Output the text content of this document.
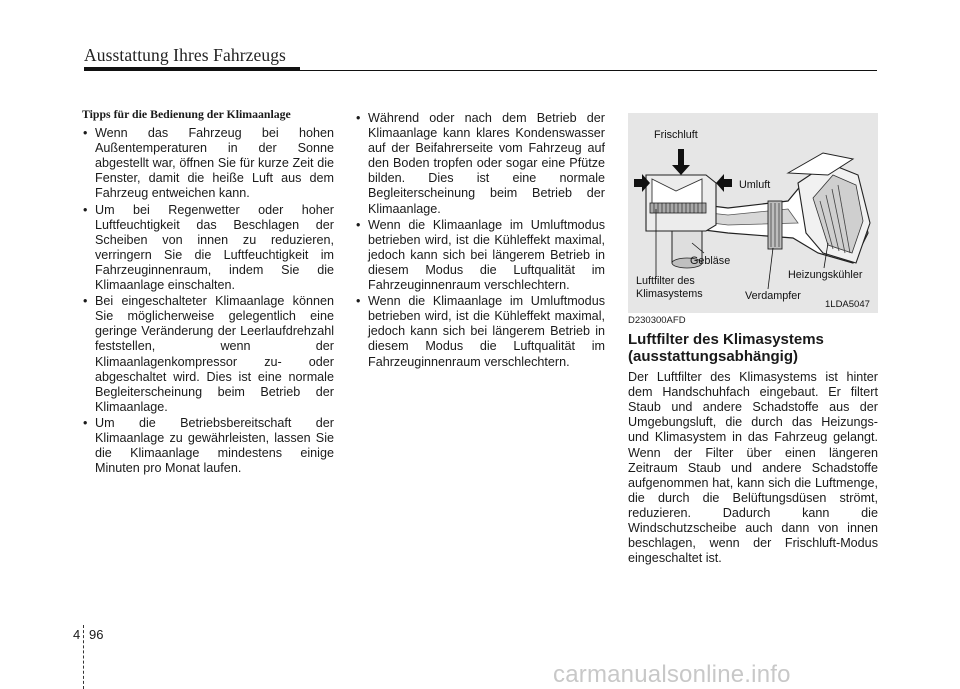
Ausstattung Ihres Fahrzeugs
Tipps für die Bedienung der Klimaanlage
• Wenn das Fahrzeug bei hohen Außentemperaturen in der Sonne abgestellt war, öffnen Sie für kurze Zeit die Fenster, damit die heiße Luft aus dem Fahrzeug entweichen kann.
• Um bei Regenwetter oder hoher Luftfeuchtigkeit das Beschlagen der Scheiben von innen zu reduzieren, verringern Sie die Luftfeuchtigkeit im Fahrzeuginnenraum, indem Sie die Klimaanlage einschalten.
• Bei eingeschalteter Klimaanlage können Sie möglicherweise gelegentlich eine geringe Veränderung der Leerlaufdrehzahl feststellen, wenn der Klimaanlagenkompressor zu- oder abgeschaltet wird. Dies ist eine normale Begleiterscheinung beim Betrieb der Klimaanlage.
• Um die Betriebsbereitschaft der Klimaanlage zu gewährleisten, lassen Sie die Klimaanlage mindestens einige Minuten pro Monat laufen.
• Während oder nach dem Betrieb der Klimaanlage kann klares Kondenswasser auf der Beifahrerseite vom Fahrzeug auf den Boden tropfen oder sogar eine Pfütze bilden. Dies ist eine normale Begleiterscheinung beim Betrieb der Klimaanlage.
• Wenn die Klimaanlage im Umluftmodus betrieben wird, ist die Kühleffekt maximal, jedoch kann sich bei längerem Betrieb in diesem Modus die Luftqualität im Fahrzeuginnenraum verschlechtern.
• Wenn die Klimaanlage im Umluftmodus betrieben wird, ist die Kühleffekt maximal, jedoch kann sich bei längerem Betrieb in diesem Modus die Luftqualität im Fahrzeuginnenraum verschlechtern.
Frischluft
Umluft
Gebläse
Luftfilter des
Klimasystems
Heizungskühler
Verdampfer
1LDA5047
D230300AFD
Luftfilter des Klimasystems (ausstattungsabhängig)
Der Luftfilter des Klimasystems ist hinter dem Handschuhfach eingebaut. Er filtert Staub und andere Schadstoffe aus der Umgebungsluft, die durch das Heizungs- und Klimasystem in das Fahrzeug gelangt. Wenn der Filter über einen längeren Zeitraum Staub und andere Schadstoffe aufgenommen hat, kann sich die Luftmenge, die durch die Belüftungsdüsen strömt, reduzieren. Dadurch kann die Windschutzscheibe auch dann von innen beschlagen, wenn der Frischluft-Modus eingeschaltet ist.
4 96
carmanualsonline.info
